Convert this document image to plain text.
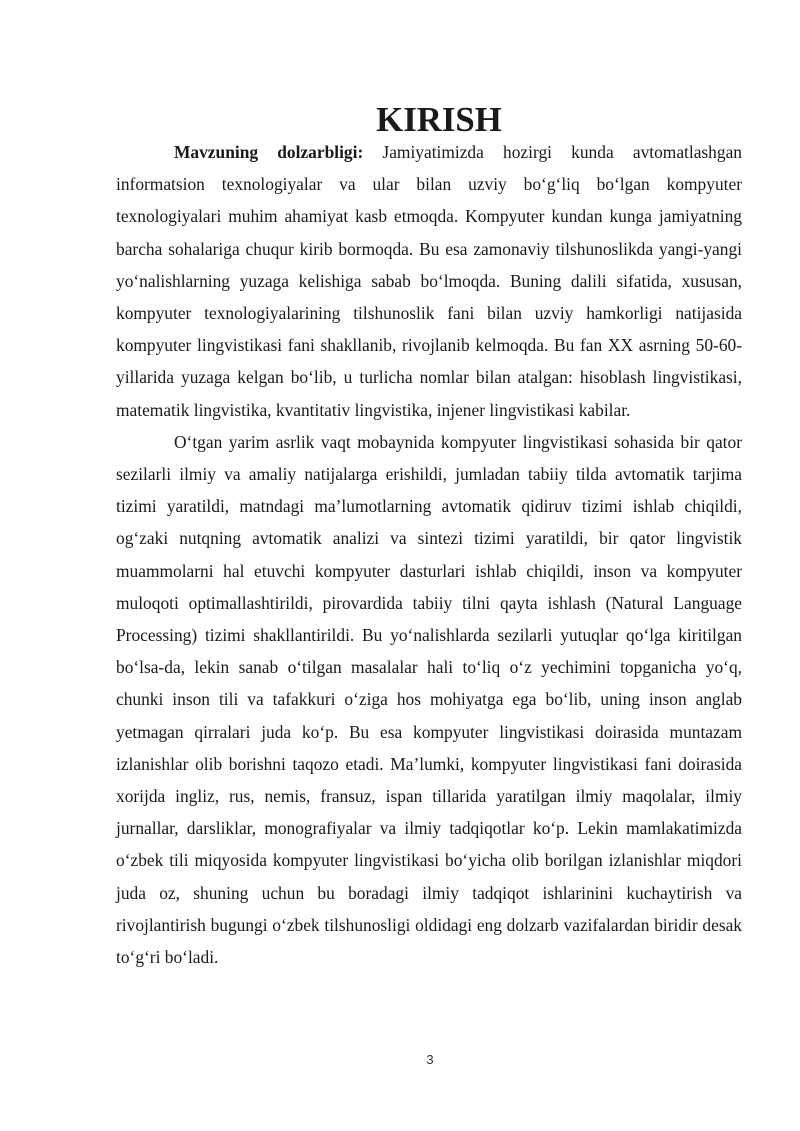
KIRISH

Mavzuning dolzarbligi: Jamiyatimizda hozirgi kunda avtomatlashgan informatsion texnologiyalar va ular bilan uzviy bo‘g‘liq bo‘lgan kompyuter texnologiyalari muhim ahamiyat kasb etmoqda. Kompyuter kundan kunga jamiyatning barcha sohalariga chuqur kirib bormoqda. Bu esa zamonaviy tilshunoslikda yangi-yangi yo‘nalishlarning yuzaga kelishiga sabab bo‘lmoqda. Buning dalili sifatida, xususan, kompyuter texnologiyalarining tilshunoslik fani bilan uzviy hamkorligi natijasida kompyuter lingvistikasi fani shakllanib, rivojlanib kelmoqda. Bu fan XX asrning 50-60-yillarida yuzaga kelgan bo‘lib, u turlicha nomlar bilan atalgan: hisoblash lingvistikasi, matematik lingvistika, kvantitativ lingvistika, injener lingvistikasi kabilar.

O‘tgan yarim asrlik vaqt mobaynida kompyuter lingvistikasi sohasida bir qator sezilarli ilmiy va amaliy natijalarga erishildi, jumladan tabiiy tilda avtomatik tarjima tizimi yaratildi, matndagi ma’lumotlarning avtomatik qidiruv tizimi ishlab chiqildi, og‘zaki nutqning avtomatik analizi va sintezi tizimi yaratildi, bir qator lingvistik muammolarni hal etuvchi kompyuter dasturlari ishlab chiqildi, inson va kompyuter muloqoti optimallashtirildi, pirovardida tabiiy tilni qayta ishlash (Natural Language Processing) tizimi shakllantirildi. Bu yo‘nalishlarda sezilarli yutuqlar qo‘lga kiritilgan bo‘lsa-da, lekin sanab o‘tilgan masalalar hali to‘liq o‘z yechimini topganicha yo‘q, chunki inson tili va tafakkuri o‘ziga hos mohiyatga ega bo‘lib, uning inson anglab yetmagan qirralari juda ko‘p. Bu esa kompyuter lingvistikasi doirasida muntazam izlanishlar olib borishni taqozo etadi. Ma’lumki, kompyuter lingvistikasi fani doirasida xorijda ingliz, rus, nemis, fransuz, ispan tillarida yaratilgan ilmiy maqolalar, ilmiy jurnallar, darsliklar, monografiyalar va ilmiy tadqiqotlar ko‘p. Lekin mamlakatimizda o‘zbek tili miqyosida kompyuter lingvistikasi bo‘yicha olib borilgan izlanishlar miqdori juda oz, shuning uchun bu boradagi ilmiy tadqiqot ishlarinini kuchaytirish va rivojlantirish bugungi o‘zbek tilshunosligi oldidagi eng dolzarb vazifalardan biridir desak to‘g‘ri bo‘ladi.

3
